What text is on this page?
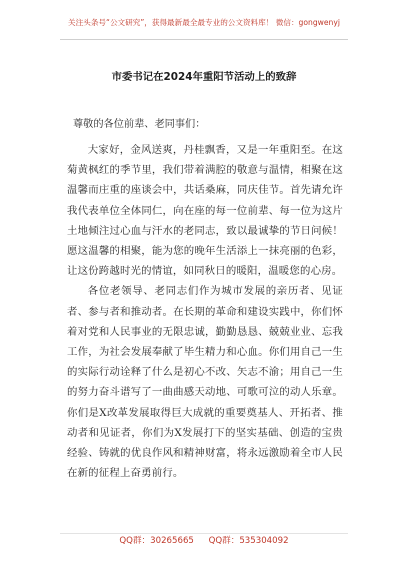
关注头条号“公文研究”，获得最新最全最专业的公文资料库！ 微信：gongwenyj
市委书记在2024年重阳节活动上的致辞
尊敬的各位前辈、老同事们：

大家好，金风送爽，丹桂飘香，又是一年重阳至。在这菊黄枫红的季节里，我们带着满腔的敬意与温情，相聚在这温馨而庄重的座谈会中，共话桑麻，同庆佳节。首先请允许我代表单位全体同仁，向在座的每一位前辈、每一位为这片土地倾注过心血与汗水的老同志，致以最诚挚的节日问候！愿这温馨的相聚，能为您的晚年生活添上一抹亮丽的色彩，让这份跨越时光的情谊，如同秋日的暖阳，温暖您的心房。

各位老领导、老同志们作为城市发展的亲历者、见证者、参与者和推动者。在长期的革命和建设实践中，你们怀着对党和人民事业的无限忠诚，勤勤恳恳、兢兢业业、忘我工作，为社会发展奉献了毕生精力和心血。你们用自己一生的实际行动诠释了什么是初心不改、矢志不渝；用自己一生的努力奋斗谱写了一曲曲感天动地、可歌可泣的动人乐章。你们是X改革发展取得巨大成就的重要奠基人、开拓者、推动者和见证者，你们为X发展打下的坚实基础、创造的宝贵经验、铸就的优良作风和精神财富，将永远激励着全市人民在新的征程上奋勇前行。

QQ群：30265665 QQ群：535304092
